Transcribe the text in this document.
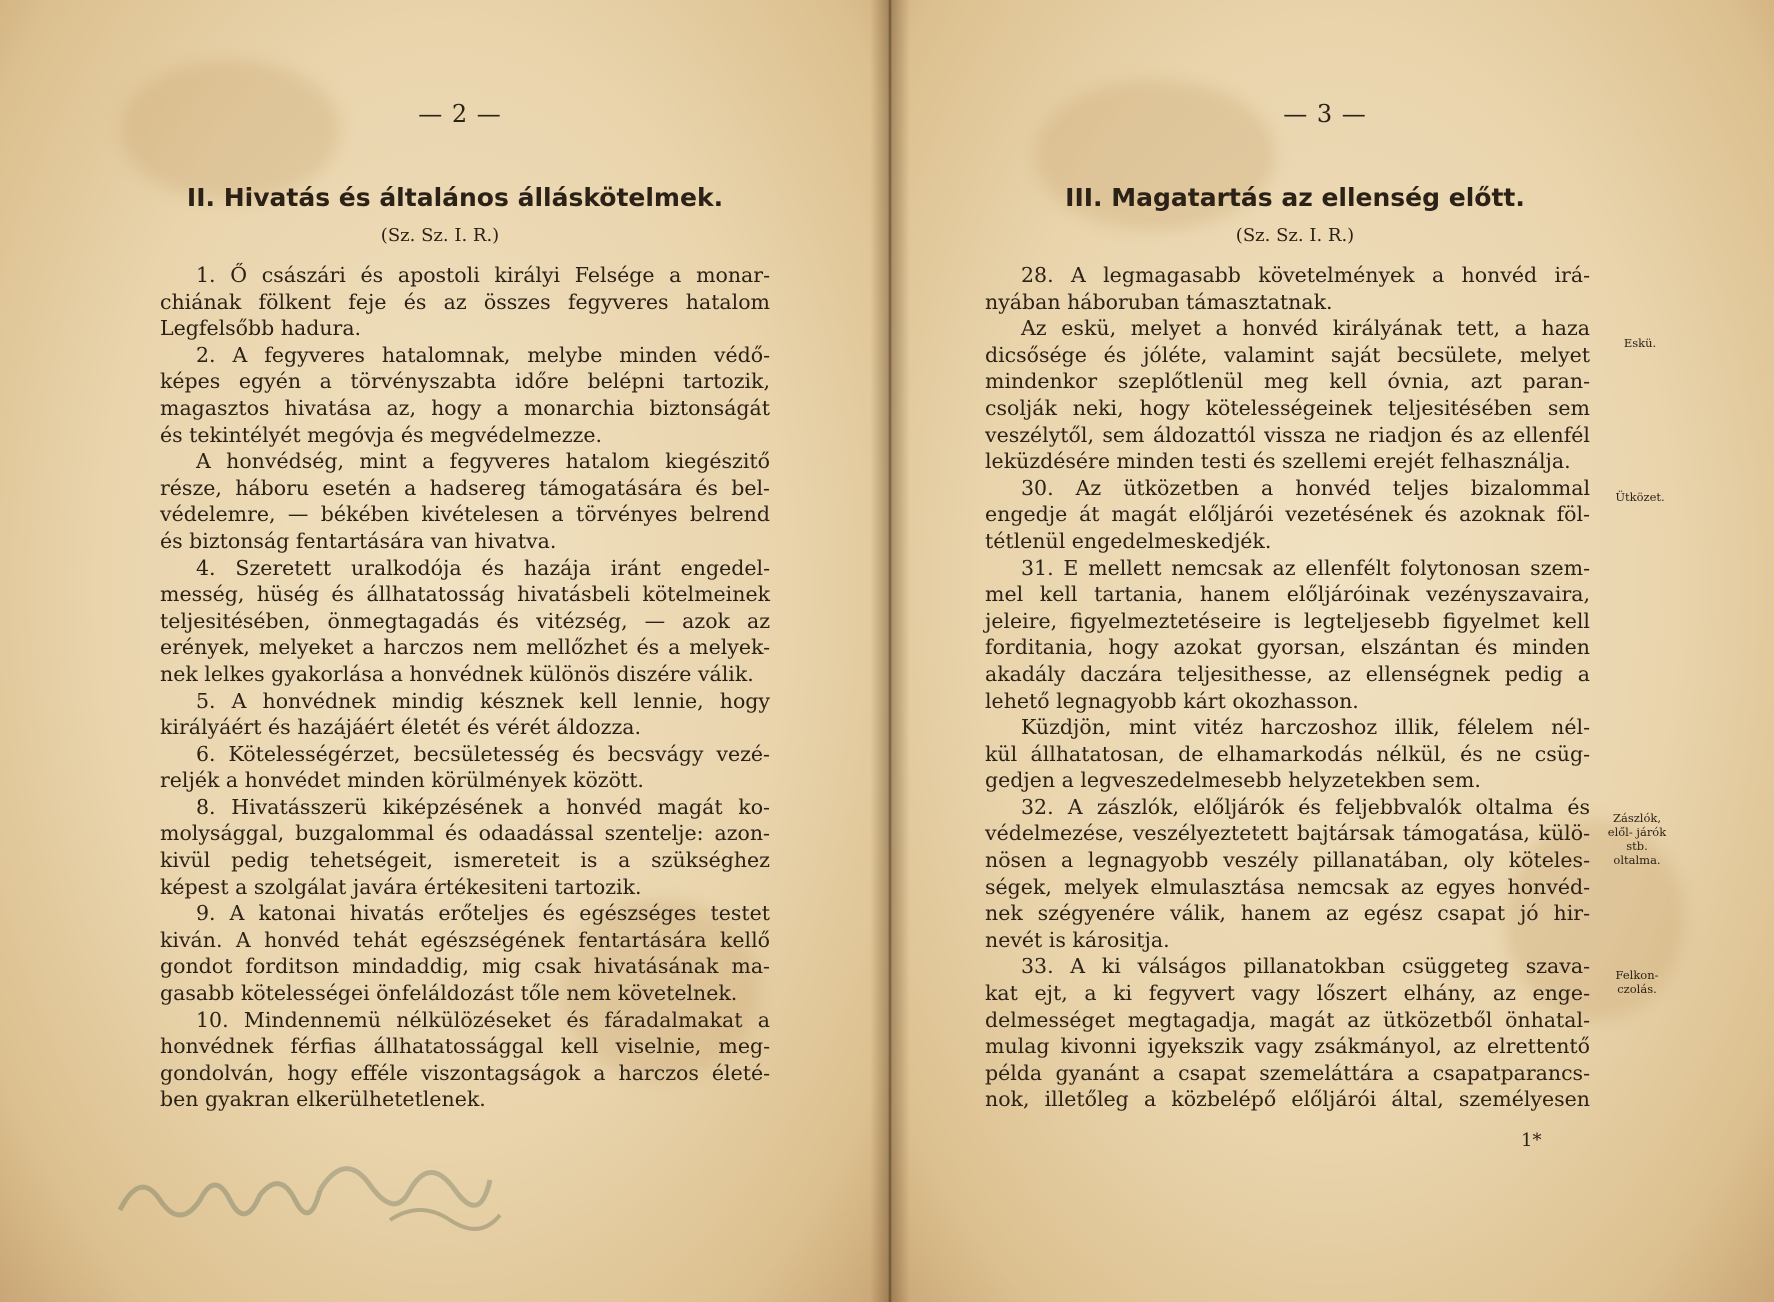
— 2 —
II. Hivatás és általános álláskötelmek.
(Sz. Sz. I. R.)
1. Ő császári és apostoli királyi Felsége a monar-
chiának fölkent feje és az összes fegyveres hatalom
Legfelsőbb hadura.
2. A fegyveres hatalomnak, melybe minden védő-
képes egyén a törvényszabta időre belépni tartozik,
magasztos hivatása az, hogy a monarchia biztonságát
és tekintélyét megóvja és megvédelmezze.
A honvédség, mint a fegyveres hatalom kiegészitő
része, háboru esetén a hadsereg támogatására és bel-
védelemre, — békében kivételesen a törvényes belrend
és biztonság fentartására van hivatva.
4. Szeretett uralkodója és hazája iránt engedel-
messég, hüség és állhatatosság hivatásbeli kötelmeinek
teljesitésében, önmegtagadás és vitézség, — azok az
erények, melyeket a harczos nem mellőzhet és a melyek-
nek lelkes gyakorlása a honvédnek különös diszére válik.
5. A honvédnek mindig késznek kell lennie, hogy
királyáért és hazájáért életét és vérét áldozza.
6. Kötelességérzet, becsületesség és becsvágy vezé-
reljék a honvédet minden körülmények között.
8. Hivatásszerü kiképzésének a honvéd magát ko-
molysággal, buzgalommal és odaadással szentelje: azon-
kivül pedig tehetségeit, ismereteit is a szükséghez
képest a szolgálat javára értékesiteni tartozik.
9. A katonai hivatás erőteljes és egészséges testet
kiván. A honvéd tehát egészségének fentartására kellő
gondot forditson mindaddig, mig csak hivatásának ma-
gasabb kötelességei önfeláldozást tőle nem követelnek.
10. Mindennemü nélkülözéseket és fáradalmakat a
honvédnek férfias állhatatossággal kell viselnie, meg-
gondolván, hogy efféle viszontagságok a harczos életé-
ben gyakran elkerülhetetlenek.
— 3 —
III. Magatartás az ellenség előtt.
(Sz. Sz. I. R.)
28. A legmagasabb követelmények a honvéd irá-
nyában háboruban támasztatnak.
Az eskü, melyet a honvéd királyának tett, a haza
dicsősége és jóléte, valamint saját becsülete, melyet
mindenkor szeplőtlenül meg kell óvnia, azt paran-
csolják neki, hogy kötelességeinek teljesitésében sem
veszélytől, sem áldozattól vissza ne riadjon és az ellenfél
leküzdésére minden testi és szellemi erejét felhasználja.
30. Az ütközetben a honvéd teljes bizalommal
engedje át magát előljárói vezetésének és azoknak föl-
tétlenül engedelmeskedjék.
31. E mellett nemcsak az ellenfélt folytonosan szem-
mel kell tartania, hanem előljáróinak vezényszavaira,
jeleire, figyelmeztetéseire is legteljesebb figyelmet kell
forditania, hogy azokat gyorsan, elszántan és minden
akadály daczára teljesithesse, az ellenségnek pedig a
lehető legnagyobb kárt okozhasson.
Küzdjön, mint vitéz harczoshoz illik, félelem nél-
kül állhatatosan, de elhamarkodás nélkül, és ne csüg-
gedjen a legveszedelmesebb helyzetekben sem.
32. A zászlók, előljárók és feljebbvalók oltalma és
védelmezése, veszélyeztetett bajtársak támogatása, külö-
nösen a legnagyobb veszély pillanatában, oly köteles-
ségek, melyek elmulasztása nemcsak az egyes honvéd-
nek szégyenére válik, hanem az egész csapat jó hir-
nevét is kárositja.
33. A ki válságos pillanatokban csüggeteg szava-
kat ejt, a ki fegyvert vagy lőszert elhány, az enge-
delmességet megtagadja, magát az ütközetből önhatal-
mulag kivonni igyekszik vagy zsákmányol, az elrettentő
példa gyanánt a csapat szemeláttára a csapatparancs-
nok, illetőleg a közbelépő előljárói által, személyesen
Eskü.
Ütközet.
Zászlók, elől- járók stb. oltalma.
Felkon- czolás.
1*
